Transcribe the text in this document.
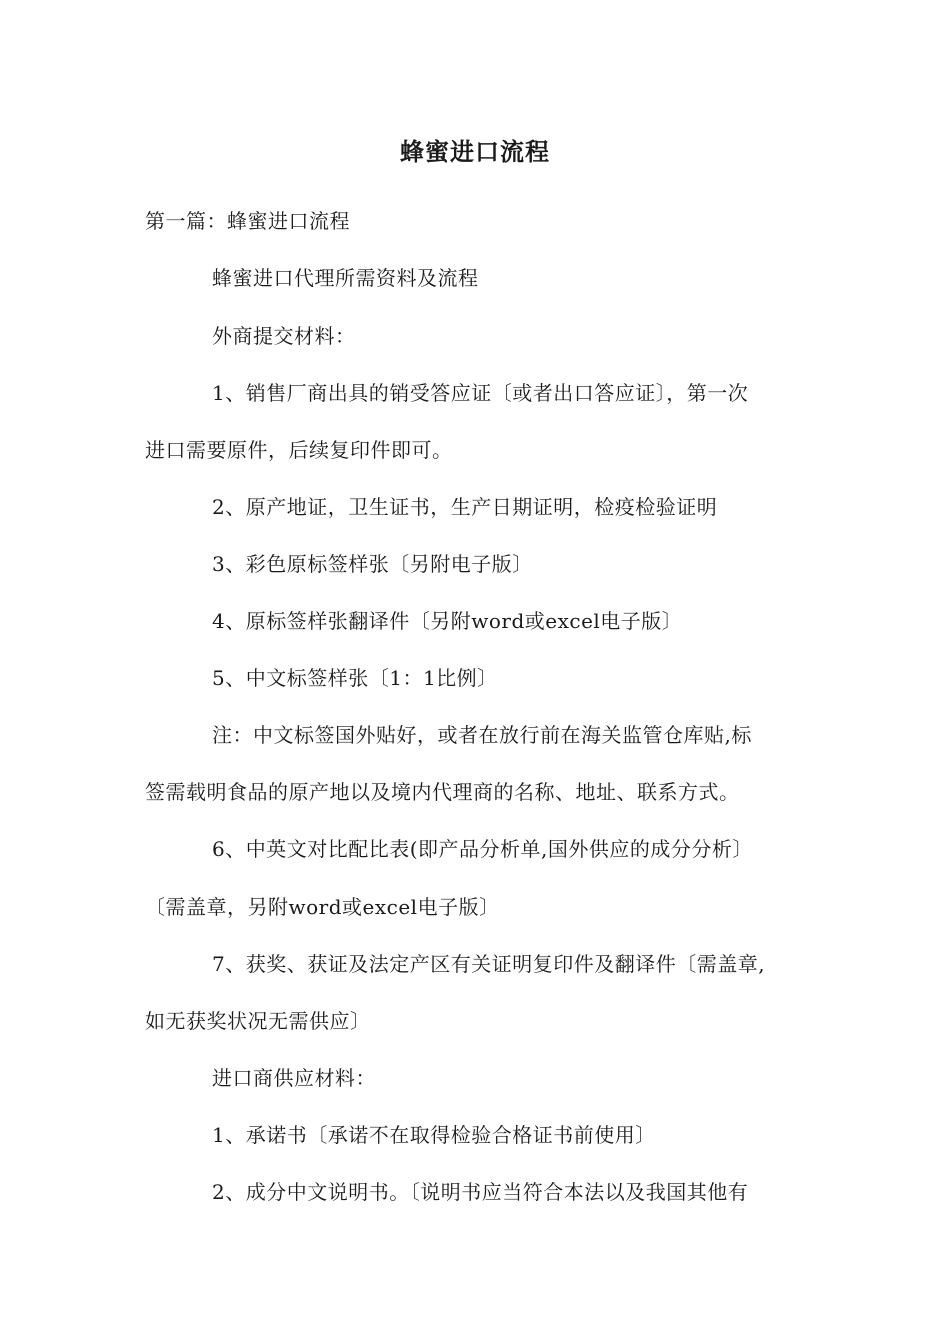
蜂蜜进口流程
第一篇：蜂蜜进口流程
蜂蜜进口代理所需资料及流程
外商提交材料：
1、销售厂商出具的销受答应证〔或者出口答应证〕，第一次
进口需要原件，后续复印件即可。
2、原产地证，卫生证书，生产日期证明，检疫检验证明
3、彩色原标签样张〔另附电子版〕
4、原标签样张翻译件〔另附word或excel电子版〕
5、中文标签样张〔1：1比例〕
注：中文标签国外贴好，或者在放行前在海关监管仓库贴,标
签需载明食品的原产地以及境内代理商的名称、地址、联系方式。
6、中英文对比配比表(即产品分析单,国外供应的成分分析〕
〔需盖章，另附word或excel电子版〕
7、获奖、获证及法定产区有关证明复印件及翻译件〔需盖章,
如无获奖状况无需供应〕
进口商供应材料：
1、承诺书〔承诺不在取得检验合格证书前使用〕
2、成分中文说明书。〔说明书应当符合本法以及我国其他有
